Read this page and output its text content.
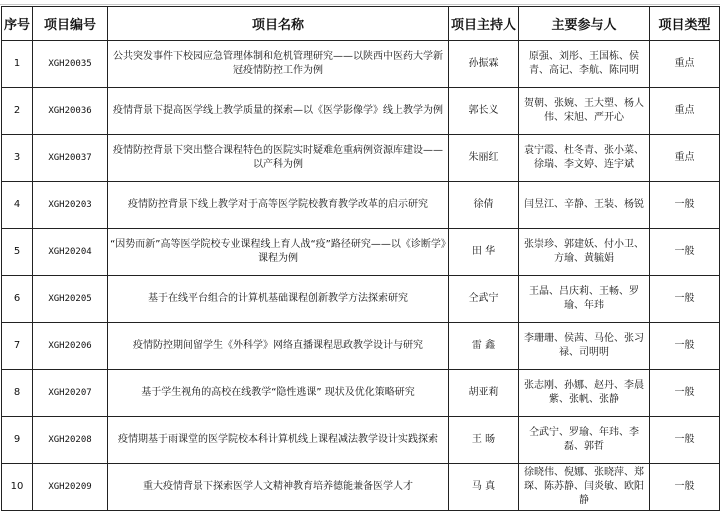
序号	项目编号	项目名称	项目主持人	主要参与人	项目类型
1	XGH20035	公共突发事件下校园应急管理体制和危机管理研究——以陕西中医药大学新冠疫情防控工作为例	孙振霖	原强、刘彤、王国栋、侯青、高记、李航、陈同明	重点
2	XGH20036	疫情背景下提高医学线上教学质量的探索—以《医学影像学》线上教学为例	郭长义	贺朝、张婉、王大塑、杨人伟、宋旭、严开心	重点
3	XGH20037	疫情防控背景下突出整合课程特色的医院实时疑难危重病例资源库建设——以产科为例	朱丽红	袁宁霞、杜冬青、张小菜、徐瑞、李文婷、连宇斌	重点
4	XGH20203	疫情防控背景下线上教学对于高等医学院校教育教学改革的启示研究	徐倩	闫昱江、辛静、王装、杨锐	一般
5	XGH20204	“因势而新”高等医学院校专业课程线上育人战“疫”路径研究——以《诊断学》课程为例	田 华	张崇珍、郭建妖、付小卫、方瑜、黄毓娟	一般
6	XGH20205	基于在线平台组合的计算机基础课程创新教学方法探索研究	仝武宁	王晶、吕庆莉、王畅、罗瑜、年玮	一般
7	XGH20206	疫情防控期间留学生《外科学》网络直播课程思政教学设计与研究	雷 鑫	李珊珊、侯茜、马伦、张习禄、司明明	一般
8	XGH20207	基于学生视角的高校在线教学“隐性逃课” 现状及优化策略研究	胡亚莉	张志刚、孙娜、赵丹、李晨紫、张帆、张静	一般
9	XGH20208	疫情期基于雨课堂的医学院校本科计算机线上课程减法教学设计实践探索	王 旸	仝武宁、罗瑜、年玮、李磊、郭哲	一般
10	XGH20209	重大疫情背景下探索医学人文精神教育培养德能兼备医学人才	马 真	徐晓伟、倪娜、张晓萍、郑琛、陈苏静、闫炎敏、欧阳静	一般
